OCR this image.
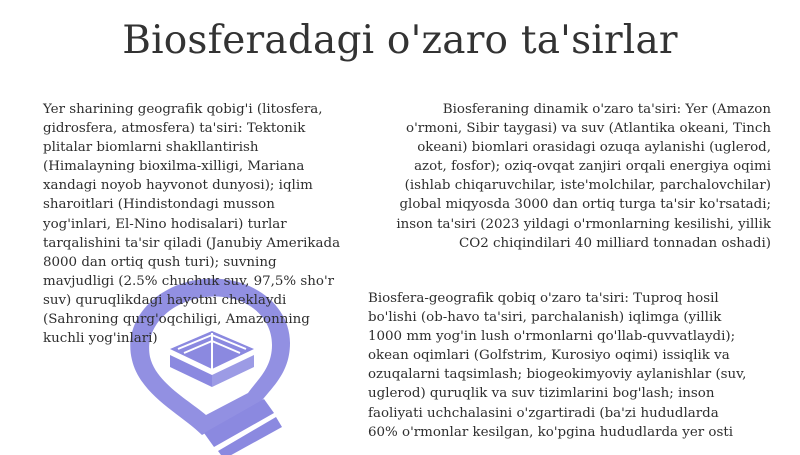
Biosferadagi o'zaro ta'sirlar

Yer sharining geografik qobig'i (litosfera, gidrosfera, atmosfera) ta'siri: Tektonik plitalar biomlarni shakllantirish (Himalayning bioxilma-xilligi, Mariana xandagi noyob hayvonot dunyosi); iqlim sharoitlari (Hindistondagi musson yog'inlari, El-Nino hodisalari) turlar tarqalishini ta'sir qiladi (Janubiy Amerikada 8000 dan ortiq qush turi); suvning mavjudligi (2.5% chuchuk suv, 97,5% sho'r suv) quruqlikdagi hayotni cheklaydi (Sahroning qurg'oqchiligi, Amazonning kuchli yog'inlari)

Biosferaning dinamik o'zaro ta'siri: Yer (Amazon o'rmoni, Sibir taygasi) va suv (Atlantika okeani, Tinch okeani) biomlari orasidagi ozuqa aylanishi (uglerod, azot, fosfor); oziq-ovqat zanjiri orqali energiya oqimi (ishlab chiqaruvchilar, iste'molchilar, parchalovchilar) global miqyosda 3000 dan ortiq turga ta'sir ko'rsatadi; inson ta'siri (2023 yildagi o'rmonlarning kesilishi, yillik CO2 chiqindilari 40 milliard tonnadan oshadi)

Biosfera-geografik qobiq o'zaro ta'siri: Tuproq hosil bo'lishi (ob-havo ta'siri, parchalanish) iqlimga (yillik 1000 mm yog'in lush o'rmonlarni qo'llab-quvvatlaydi); okean oqimlari (Golfstrim, Kurosiyo oqimi) issiqlik va ozuqalarni taqsimlash; biogeokimyoviy aylanishlar (suv, uglerod) quruqlik va suv tizimlarini bog'lash; inson faoliyati uchchalasini o'zgartiradi (ba'zi hududlarda 60% o'rmonlar kesilgan, ko'pgina hududlarda yer osti
